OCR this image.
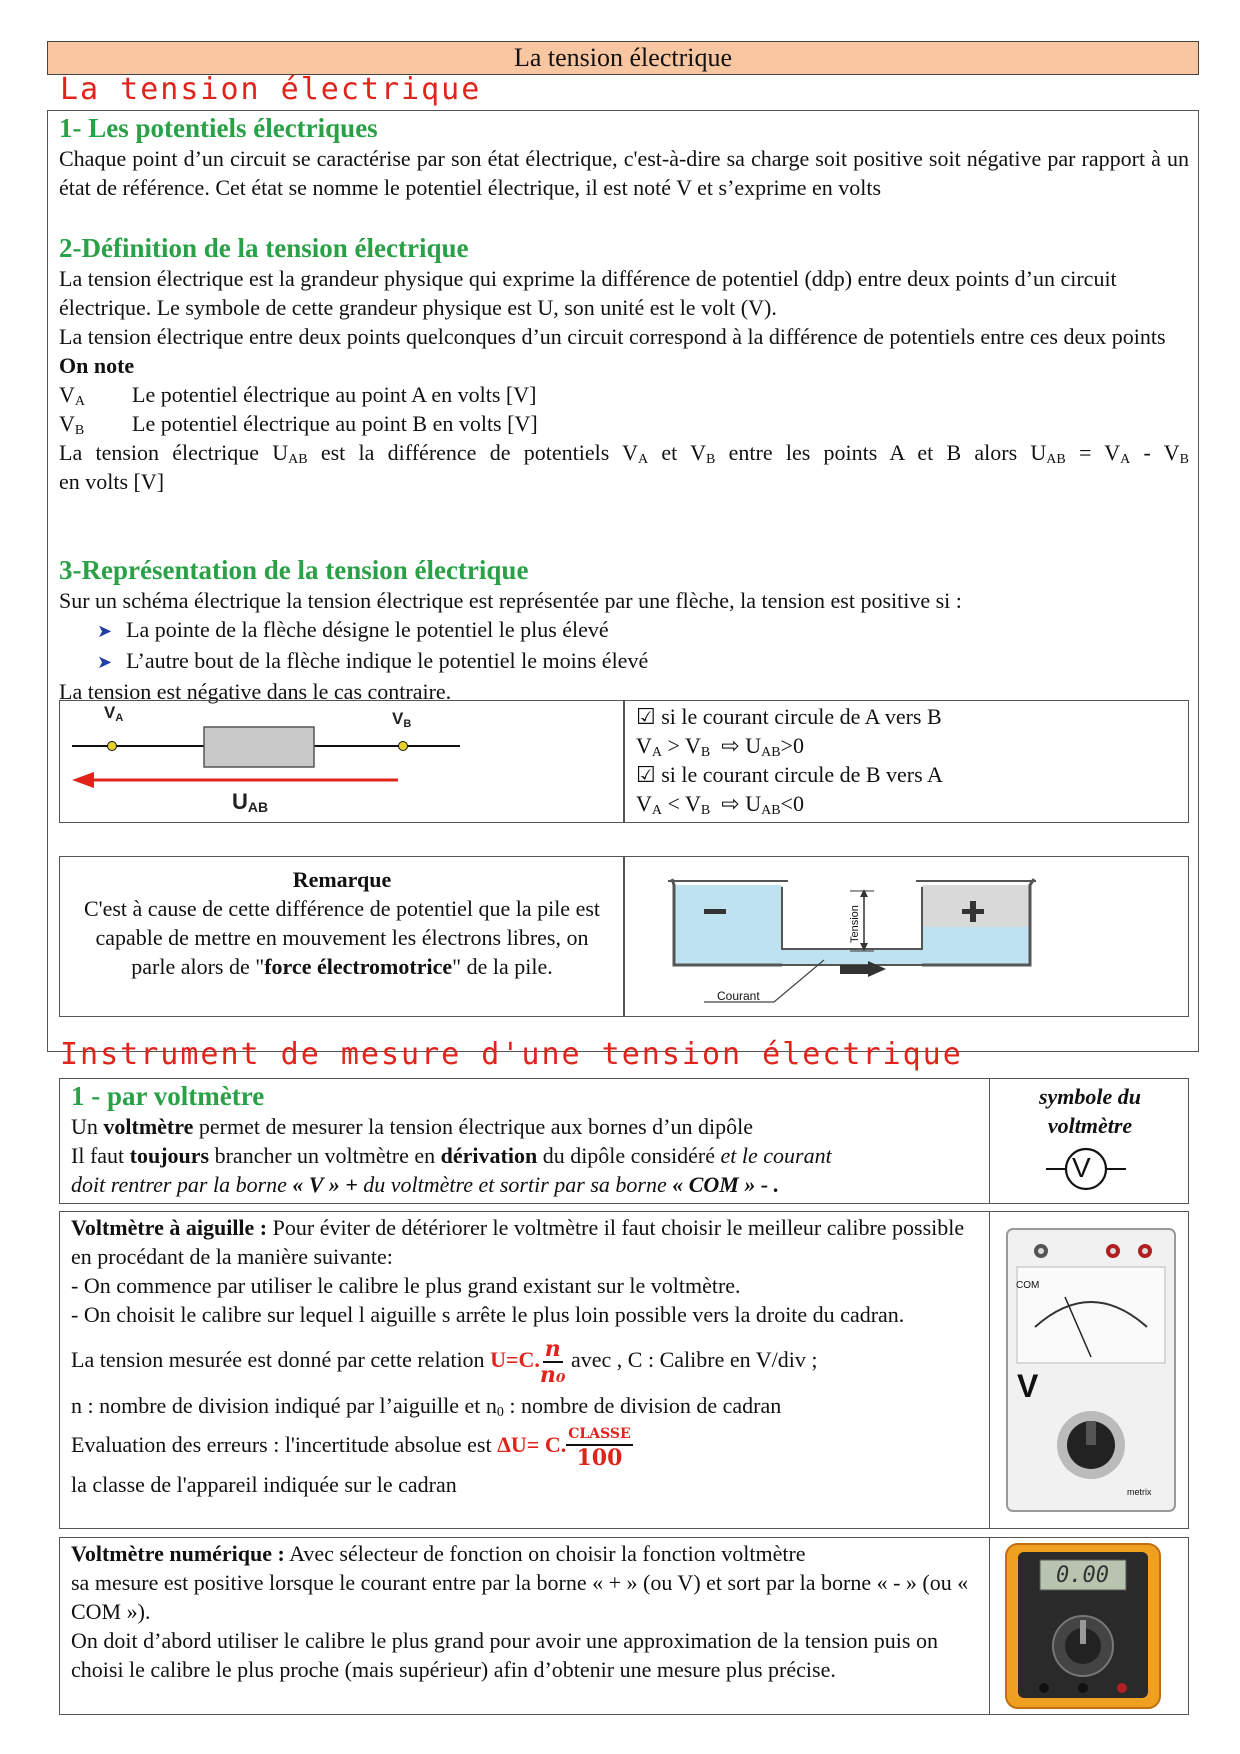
La tension électrique
La tension électrique
1- Les potentiels électriques

Chaque point d’un circuit se caractérise par son état électrique, c'est-à-dire sa charge soit positive soit négative par rapport à un état de référence. Cet état se nomme le potentiel électrique, il est noté V et s’exprime en volts

2-Définition de la tension électrique

La tension électrique est la grandeur physique qui exprime la différence de potentiel (ddp) entre deux points d’un circuit électrique. Le symbole de cette grandeur physique est U, son unité est le volt (V).

La tension électrique entre deux points quelconques d’un circuit correspond à la différence de potentiels entre ces deux points

On note

$V_A$ Le potentiel électrique au point A en volts [V]

$V_B$ Le potentiel électrique au point B en volts [V]

La tension électrique $U_{AB}$ est la différence de potentiels $V_A$ et $V_B$ entre les points A et B alors $U_{AB} = V_A - V_B$

en volts [V]

3-Représentation de la tension électrique

Sur un schéma électrique la tension électrique est représentée par une flèche, la tension est positive si :

➤ La pointe de la flèche désigne le potentiel le plus élevé

➤ L’autre bout de la flèche indique le potentiel le moins élevé

La tension est négative dans le cas contraire.

$V_A$	$V_B$
$U_{AB}$
☑ si le courant circule de A vers B
$V_A > V_B$ ⇨ $U_{AB}>0$
☑ si le courant circule de B vers A
$V_A < V_B$ ⇨ $U_{AB}<0$
Remarque
C'est à cause de cette différence de potentiel que la pile est capable de mettre en mouvement les électrons libres, on parle alors de "force électromotrice" de la pile.
Tension
Courant
Instrument de mesure d'une tension électrique
1 - par voltmètre

Un voltmètre permet de mesurer la tension électrique aux bornes d’un dipôle

Il faut toujours brancher un voltmètre en dérivation du dipôle considéré et le courant

doit rentrer par la borne « V » + du voltmètre et sortir par sa borne « COM » - .

symbole du voltmètre
V

Voltmètre à aiguille : Pour éviter de détériorer le voltmètre il faut choisir le meilleur calibre possible en procédant de la manière suivante:

- On commence par utiliser le calibre le plus grand existant sur le voltmètre.

- On choisit le calibre sur lequel l aiguille s arrête le plus loin possible vers la droite du cadran.

La tension mesurée est donné par cette relation U=C. $\frac{n}{\text{n₀}}$ avec , C : Calibre en V/div ;

n : nombre de division indiqué par l’aiguille et $n_0$ : nombre de division de cadran

Evaluation des erreurs : l'incertitude absolue est ΔU= C. $\frac{\text{CLASSE}}{100}$

la classe de l'appareil indiquée sur le cadran

COM
V
metrix

Voltmètre numérique : Avec sélecteur de fonction on choisir la fonction voltmètre

sa mesure est positive lorsque le courant entre par la borne « + » (ou V) et sort par la borne « - » (ou « COM »).

On doit d’abord utiliser le calibre le plus grand pour avoir une approximation de la tension puis on choisi le calibre le plus proche (mais supérieur) afin d’obtenir une mesure plus précise.

0.00
